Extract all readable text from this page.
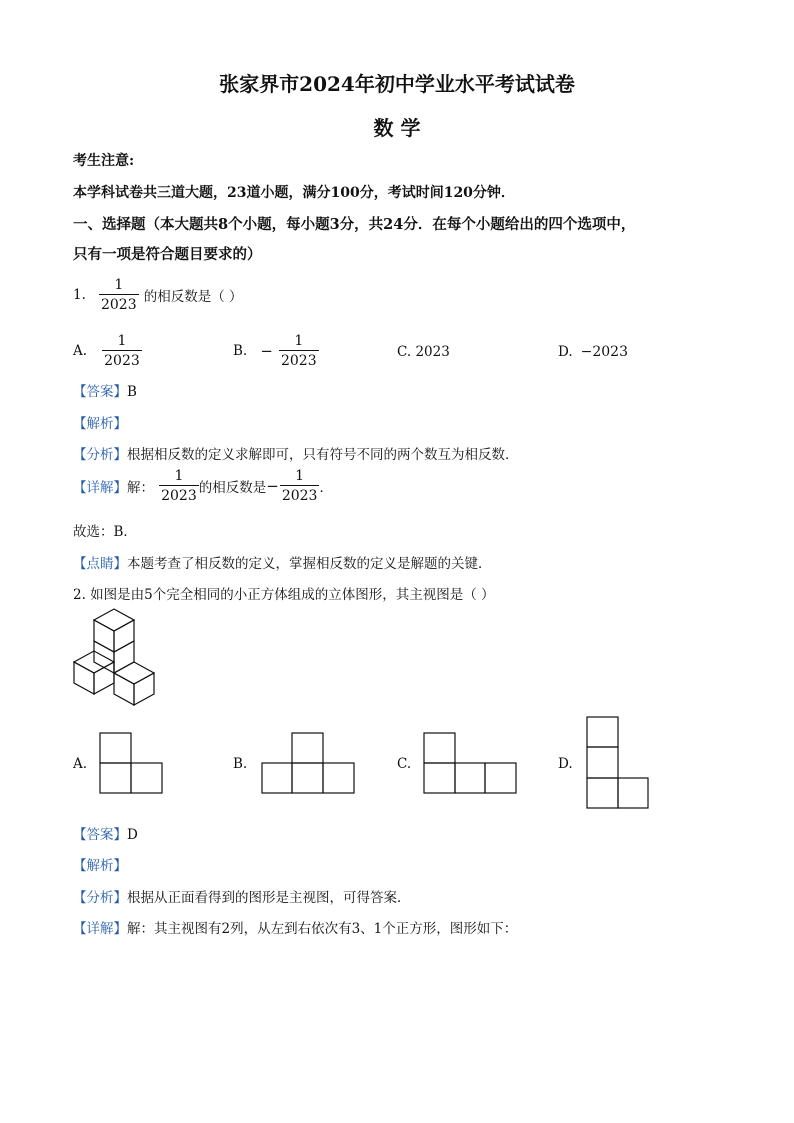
张家界市2024年初中学业水平考试试卷
数 学
考生注意:
本学科试卷共三道大题，23道小题，满分100分，考试时间120分钟．
一、选择题（本大题共8个小题，每小题3分，共24分．在每个小题给出的四个选项中，
只有一项是符合题目要求的）
1. $\frac{1}{2023}$ 的相反数是（ ）
A. $\frac{1}{2023}$	B. − $\frac{1}{2023}$	C. 2023	D. −2023
【答案】B
【解析】
【分析】根据相反数的定义求解即可，只有符号不同的两个数互为相反数．
【详解】解： $\frac{1}{2023}$ 的相反数是− $\frac{1}{2023}$ ．
故选：B．
【点睛】本题考查了相反数的定义，掌握相反数的定义是解题的关键．
2. 如图是由5个完全相同的小正方体组成的立体图形，其主视图是（ ）
A.	B.	C.	D.
【答案】D
【解析】
【分析】根据从正面看得到的图形是主视图，可得答案．
【详解】解：其主视图有2列，从左到右依次有3、1个正方形，图形如下：
